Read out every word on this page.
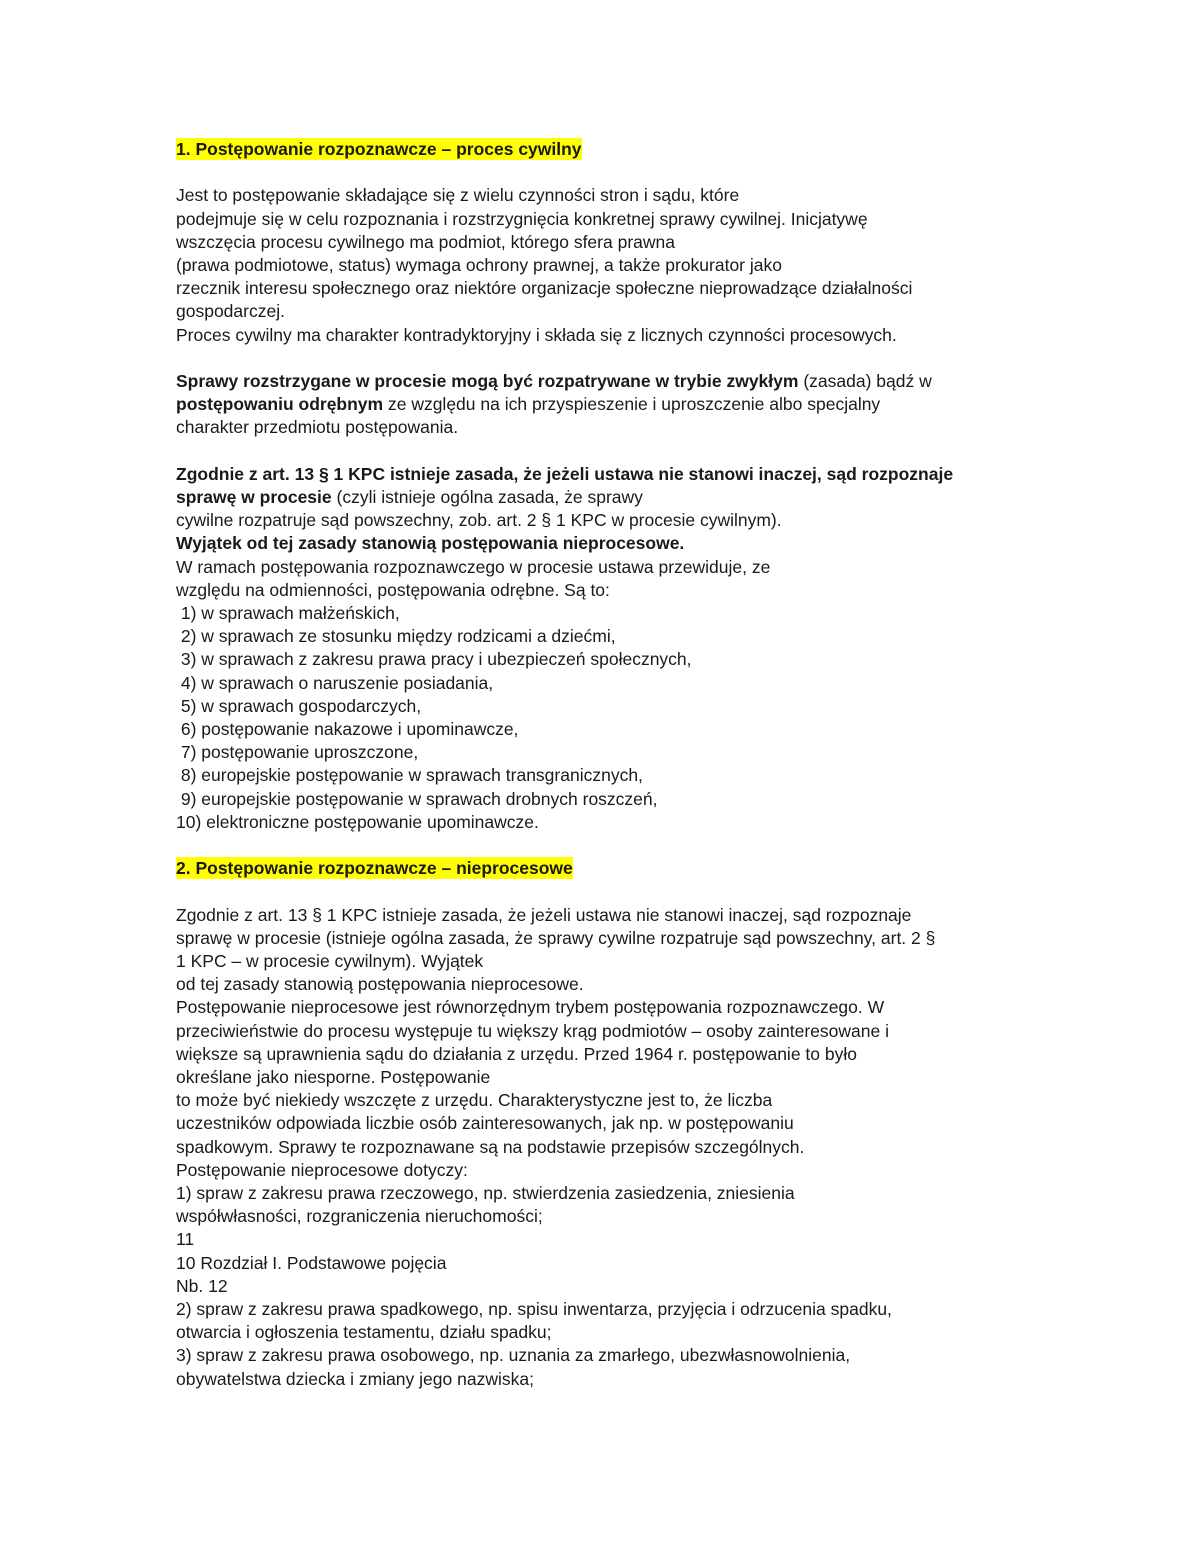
1. Postępowanie rozpoznawcze – proces cywilny
Jest to postępowanie składające się z wielu czynności stron i sądu, które
podejmuje się w celu rozpoznania i rozstrzygnięcia konkretnej sprawy cywilnej. Inicjatywę
wszczęcia procesu cywilnego ma podmiot, którego sfera prawna
(prawa podmiotowe, status) wymaga ochrony prawnej, a także prokurator jako
rzecznik interesu społecznego oraz niektóre organizacje społeczne nieprowadzące działalności
gospodarczej.
Proces cywilny ma charakter kontradyktoryjny i składa się z licznych czynności procesowych.
Sprawy rozstrzygane w procesie mogą być rozpatrywane w trybie zwykłym (zasada) bądź w
postępowaniu odrębnym ze względu na ich przyspieszenie i uproszczenie albo specjalny
charakter przedmiotu postępowania.
Zgodnie z art. 13 § 1 KPC istnieje zasada, że jeżeli ustawa nie stanowi inaczej, sąd rozpoznaje
sprawę w procesie (czyli istnieje ogólna zasada, że sprawy
cywilne rozpatruje sąd powszechny, zob. art. 2 § 1 KPC w procesie cywilnym).
Wyjątek od tej zasady stanowią postępowania nieprocesowe.
W ramach postępowania rozpoznawczego w procesie ustawa przewiduje, ze
względu na odmienności, postępowania odrębne. Są to:
1) w sprawach małżeńskich,
2) w sprawach ze stosunku między rodzicami a dziećmi,
3) w sprawach z zakresu prawa pracy i ubezpieczeń społecznych,
4) w sprawach o naruszenie posiadania,
5) w sprawach gospodarczych,
6) postępowanie nakazowe i upominawcze,
7) postępowanie uproszczone,
8) europejskie postępowanie w sprawach transgranicznych,
9) europejskie postępowanie w sprawach drobnych roszczeń,
10) elektroniczne postępowanie upominawcze.
2. Postępowanie rozpoznawcze – nieprocesowe
Zgodnie z art. 13 § 1 KPC istnieje zasada, że jeżeli ustawa nie stanowi inaczej, sąd rozpoznaje
sprawę w procesie (istnieje ogólna zasada, że sprawy cywilne rozpatruje sąd powszechny, art. 2 §
1 KPC – w procesie cywilnym). Wyjątek
od tej zasady stanowią postępowania nieprocesowe.
Postępowanie nieprocesowe jest równorzędnym trybem postępowania rozpoznawczego. W
przeciwieństwie do procesu występuje tu większy krąg podmiotów – osoby zainteresowane i
większe są uprawnienia sądu do działania z urzędu. Przed 1964 r. postępowanie to było
określane jako niesporne. Postępowanie
to może być niekiedy wszczęte z urzędu. Charakterystyczne jest to, że liczba
uczestników odpowiada liczbie osób zainteresowanych, jak np. w postępowaniu
spadkowym. Sprawy te rozpoznawane są na podstawie przepisów szczególnych.
Postępowanie nieprocesowe dotyczy:
1) spraw z zakresu prawa rzeczowego, np. stwierdzenia zasiedzenia, zniesienia
współwłasności, rozgraniczenia nieruchomości;
11
10 Rozdział I. Podstawowe pojęcia
Nb. 12
2) spraw z zakresu prawa spadkowego, np. spisu inwentarza, przyjęcia i odrzucenia spadku,
otwarcia i ogłoszenia testamentu, działu spadku;
3) spraw z zakresu prawa osobowego, np. uznania za zmarłego, ubezwłasnowolnienia,
obywatelstwa dziecka i zmiany jego nazwiska;
